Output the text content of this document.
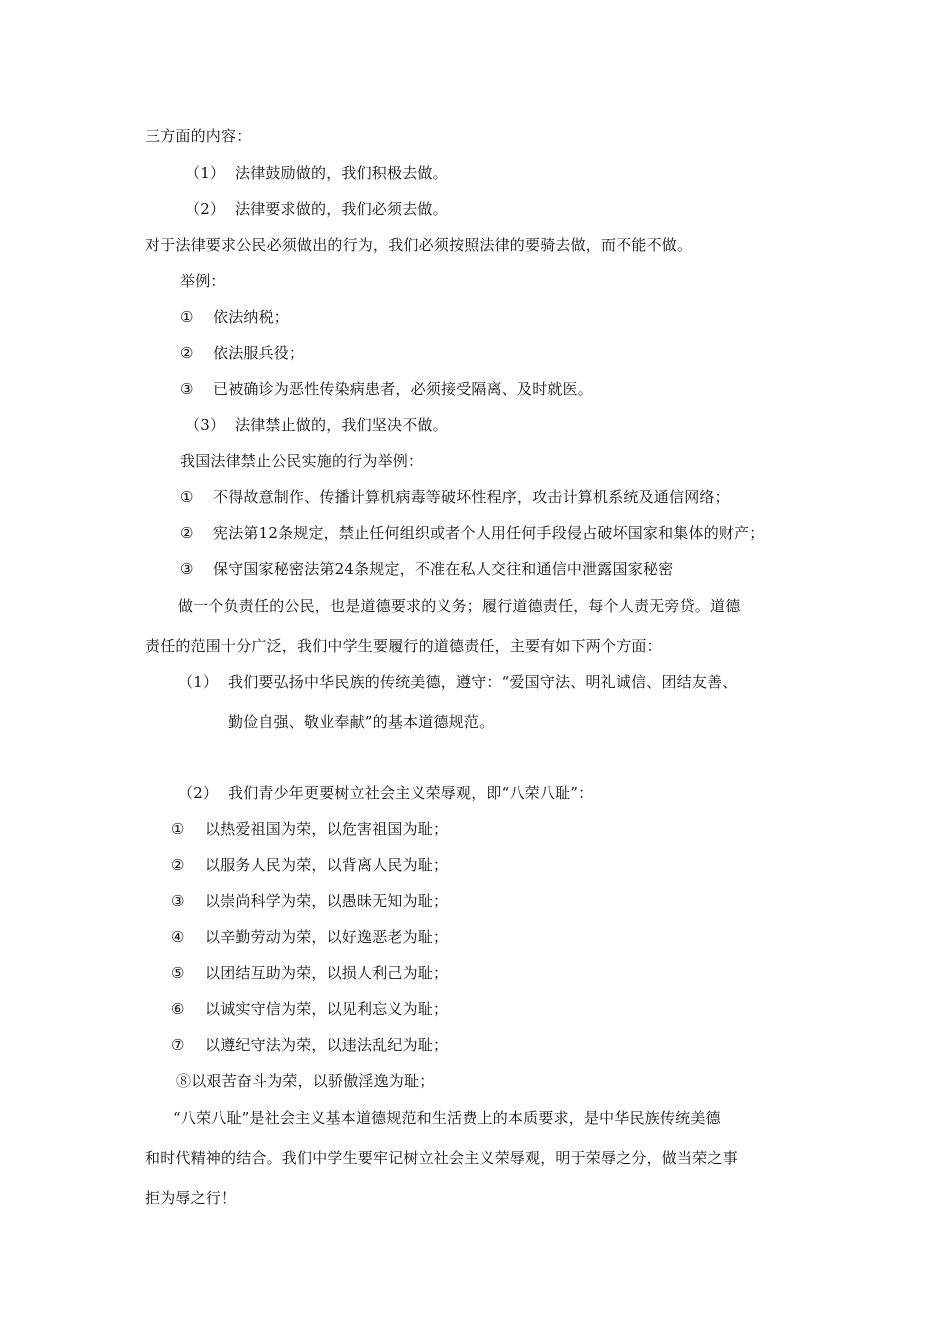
三方面的内容：
（1） 法律鼓励做的，我们积极去做。
（2） 法律要求做的，我们必须去做。
对于法律要求公民必须做出的行为，我们必须按照法律的要骑去做，而不能不做。
举例：
① 依法纳税；
② 依法服兵役；
③ 已被确诊为恶性传染病患者，必须接受隔离、及时就医。
（3） 法律禁止做的，我们坚决不做。
我国法律禁止公民实施的行为举例：
① 不得故意制作、传播计算机病毒等破坏性程序，攻击计算机系统及通信网络；
② 宪法第12条规定，禁止任何组织或者个人用任何手段侵占破坏国家和集体的财产；
③ 保守国家秘密法第24条规定，不准在私人交往和通信中泄露国家秘密
做一个负责任的公民，也是道德要求的义务；履行道德责任，每个人责无旁贷。道德
责任的范围十分广泛，我们中学生要履行的道德责任，主要有如下两个方面：
（1） 我们要弘扬中华民族的传统美德，遵守：“爱国守法、明礼诚信、团结友善、
勤俭自强、敬业奉献”的基本道德规范。
（2） 我们青少年更要树立社会主义荣辱观，即“八荣八耻”：
① 以热爱祖国为荣，以危害祖国为耻；
② 以服务人民为荣，以背离人民为耻；
③ 以崇尚科学为荣，以愚昧无知为耻；
④ 以辛勤劳动为荣，以好逸恶老为耻；
⑤ 以团结互助为荣，以损人利己为耻；
⑥ 以诚实守信为荣，以见利忘义为耻；
⑦ 以遵纪守法为荣，以违法乱纪为耻；
⑧以艰苦奋斗为荣，以骄傲淫逸为耻；
“八荣八耻”是社会主义基本道德规范和生活费上的本质要求，是中华民族传统美德
和时代精神的结合。我们中学生要牢记树立社会主义荣辱观，明于荣辱之分，做当荣之事
拒为辱之行！
